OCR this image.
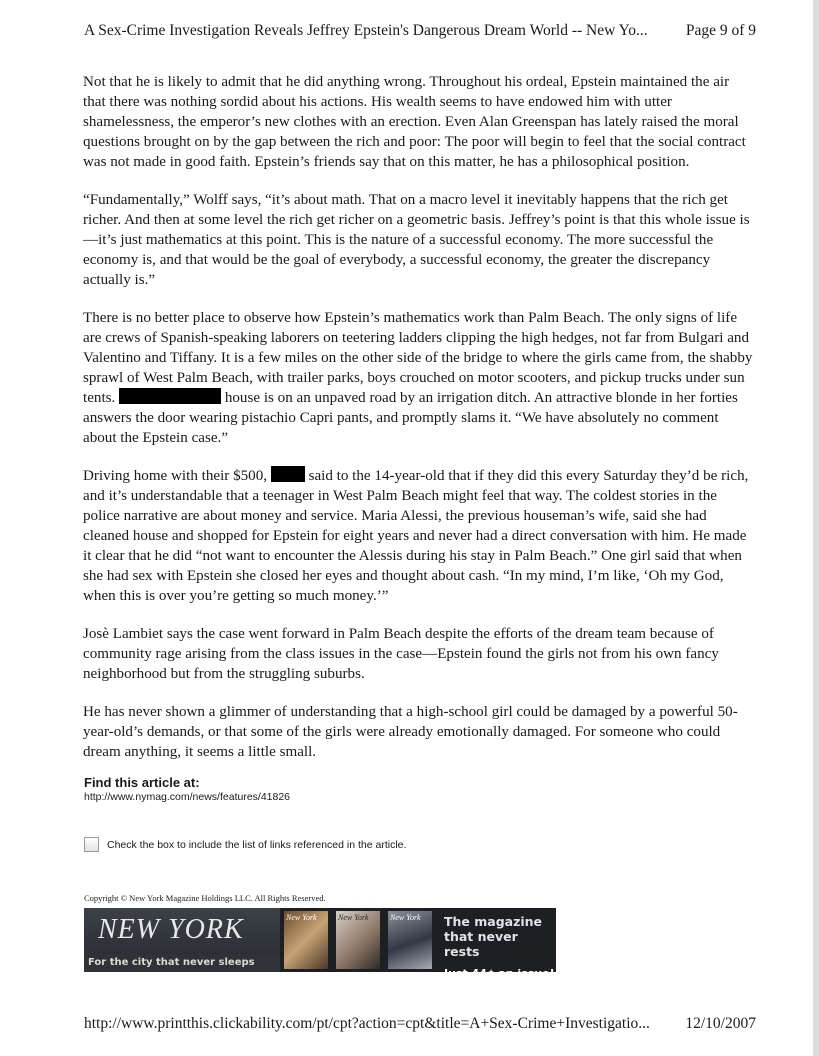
A Sex-Crime Investigation Reveals Jeffrey Epstein's Dangerous Dream World -- New Yo... Page 9 of 9

Not that he is likely to admit that he did anything wrong. Throughout his ordeal, Epstein maintained the air that there was nothing sordid about his actions. His wealth seems to have endowed him with utter shamelessness, the emperor’s new clothes with an erection. Even Alan Greenspan has lately raised the moral questions brought on by the gap between the rich and poor: The poor will begin to feel that the social contract was not made in good faith. Epstein’s friends say that on this matter, he has a philosophical position.

“Fundamentally,” Wolff says, “it’s about math. That on a macro level it inevitably happens that the rich get richer. And then at some level the rich get richer on a geometric basis. Jeffrey’s point is that this whole issue is—it’s just mathematics at this point. This is the nature of a successful economy. The more successful the economy is, and that would be the goal of everybody, a successful economy, the greater the discrepancy actually is.”

There is no better place to observe how Epstein’s mathematics work than Palm Beach. The only signs of life are crews of Spanish-speaking laborers on teetering ladders clipping the high hedges, not far from Bulgari and Valentino and Tiffany. It is a few miles on the other side of the bridge to where the girls came from, the shabby sprawl of West Palm Beach, with trailer parks, boys crouched on motor scooters, and pickup trucks under sun tents.	house is on an unpaved road by an irrigation ditch. An attractive blonde in her forties answers the door wearing pistachio Capri pants, and promptly slams it. “We have absolutely no comment about the Epstein case.”

Driving home with their $500,  said to the 14-year-old that if they did this every Saturday they’d be rich, and it’s understandable that a teenager in West Palm Beach might feel that way. The coldest stories in the police narrative are about money and service. Maria Alessi, the previous houseman’s wife, said she had cleaned house and shopped for Epstein for eight years and never had a direct conversation with him. He made it clear that he did “not want to encounter the Alessis during his stay in Palm Beach.” One girl said that when she had sex with Epstein she closed her eyes and thought about cash. “In my mind, I’m like, ‘Oh my God, when this is over you’re getting so much money.’”

Josè Lambiet says the case went forward in Palm Beach despite the efforts of the dream team because of community rage arising from the class issues in the case—Epstein found the girls not from his own fancy neighborhood but from the struggling suburbs.

He has never shown a glimmer of understanding that a high-school girl could be damaged by a powerful 50-year-old’s demands, or that some of the girls were already emotionally damaged. For someone who could dream anything, it seems a little small.

Find this article at:
http://www.nymag.com/news/features/41826
Check the box to include the list of links referenced in the article.
Copyright © New York Magazine Holdings LLC. All Rights Reserved.
NEW YORK
For the city that never sleeps
New York	New York	New York The magazine
that never rests
Just 44¢ an issue!
http://www.printthis.clickability.com/pt/cpt?action=cpt&title=A+Sex-Crime+Investigatio... 12/10/2007
